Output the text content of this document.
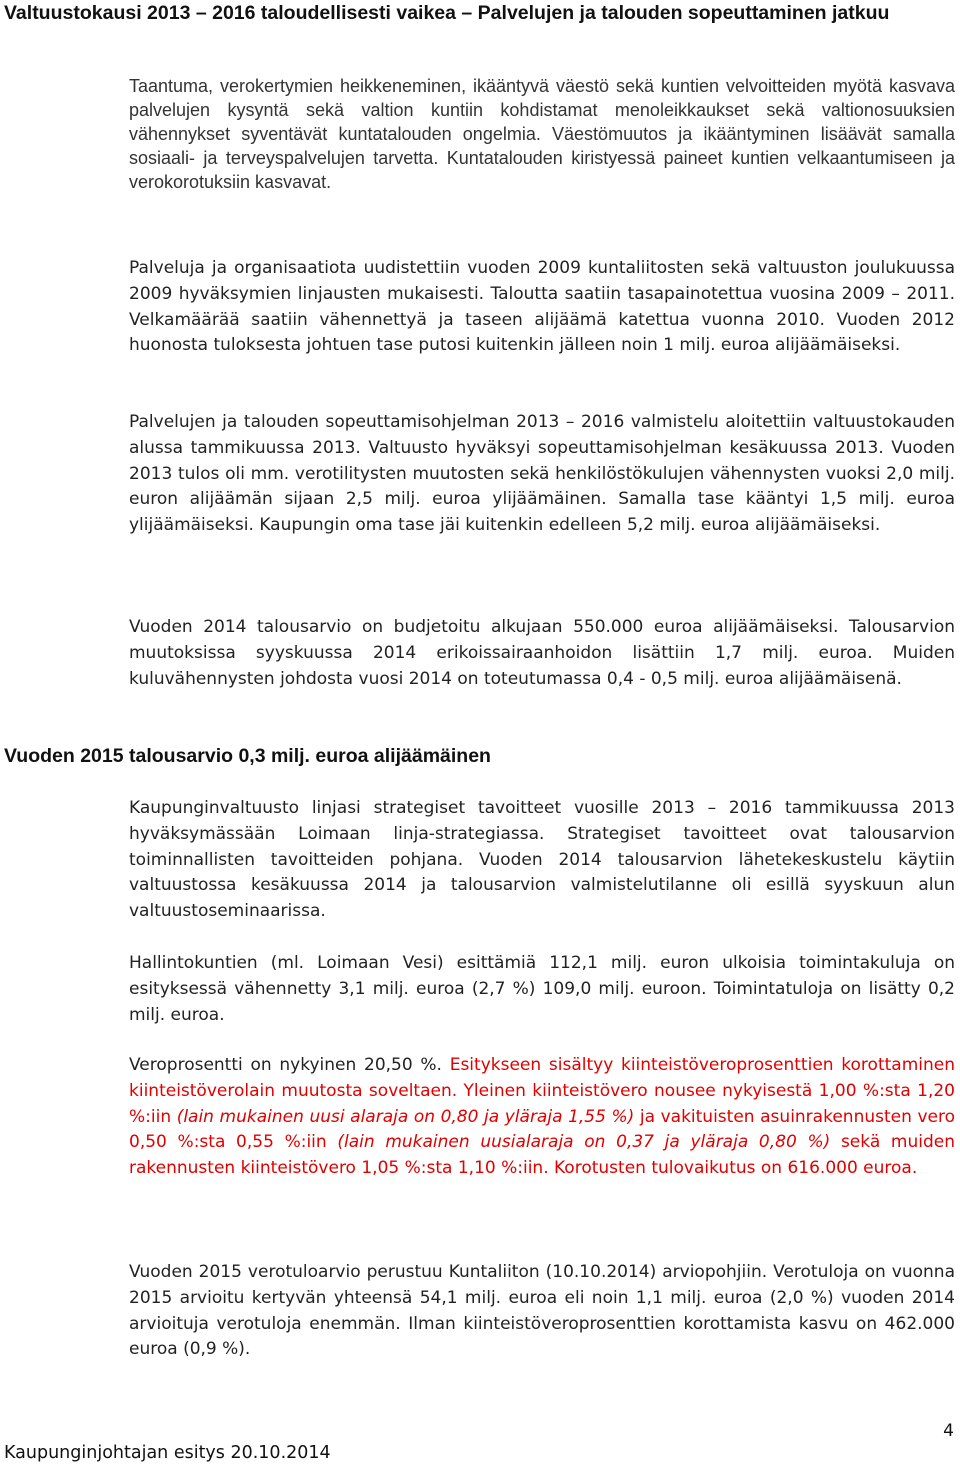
Valtuustokausi 2013 – 2016 taloudellisesti vaikea – Palvelujen ja talouden sopeuttaminen jatkuu

Taantuma, verokertymien heikkeneminen, ikääntyvä väestö sekä kuntien velvoitteiden myötä kasvava palvelujen kysyntä sekä valtion kuntiin kohdistamat menoleikkaukset sekä valtionosuuksien vähennykset syventävät kuntatalouden ongelmia. Väestömuutos ja ikääntyminen lisäävät samalla sosiaali- ja terveyspalvelujen tarvetta. Kuntatalouden kiristyessä paineet kuntien velkaantumiseen ja verokorotuksiin kasvavat.

Palveluja ja organisaatiota uudistettiin vuoden 2009 kuntaliitosten sekä valtuuston joulukuussa 2009 hyväksymien linjausten mukaisesti. Taloutta saatiin tasapainotettua vuosina 2009 – 2011. Velkamäärää saatiin vähennettyä ja taseen alijäämä katettua vuonna 2010. Vuoden 2012 huonosta tuloksesta johtuen tase putosi kuitenkin jälleen noin 1 milj. euroa alijäämäiseksi.

Palvelujen ja talouden sopeuttamisohjelman 2013 – 2016 valmistelu aloitettiin valtuustokauden alussa tammikuussa 2013. Valtuusto hyväksyi sopeuttamisohjelman kesäkuussa 2013. Vuoden 2013 tulos oli mm. verotilitysten muutosten sekä henkilöstökulujen vähennysten vuoksi 2,0 milj. euron alijäämän sijaan 2,5 milj. euroa ylijäämäinen. Samalla tase kääntyi 1,5 milj. euroa ylijäämäiseksi. Kaupungin oma tase jäi kuitenkin edelleen 5,2 milj. euroa alijäämäiseksi.

Vuoden 2014 talousarvio on budjetoitu alkujaan 550.000 euroa alijäämäiseksi. Talousarvion muutoksissa syyskuussa 2014 erikoissairaanhoidon lisättiin 1,7 milj. euroa. Muiden kuluvähennysten johdosta vuosi 2014 on toteutumassa 0,4 - 0,5 milj. euroa alijäämäisenä.

Vuoden 2015 talousarvio 0,3 milj. euroa alijäämäinen

Kaupunginvaltuusto linjasi strategiset tavoitteet vuosille 2013 – 2016 tammikuussa 2013 hyväksymässään Loimaan linja-strategiassa. Strategiset tavoitteet ovat talousarvion toiminnallisten tavoitteiden pohjana. Vuoden 2014 talousarvion lähetekeskustelu käytiin valtuustossa kesäkuussa 2014 ja talousarvion valmistelutilanne oli esillä syyskuun alun valtuustoseminaarissa.

Hallintokuntien (ml. Loimaan Vesi) esittämiä 112,1 milj. euron ulkoisia toimintakuluja on esityksessä vähennetty 3,1 milj. euroa (2,7 %) 109,0 milj. euroon. Toimintatuloja on lisätty 0,2 milj. euroa.

Veroprosentti on nykyinen 20,50 %. Esitykseen sisältyy kiinteistöveroprosenttien korottaminen kiinteistöverolain muutosta soveltaen. Yleinen kiinteistövero nousee nykyisestä 1,00 %:sta 1,20 %:iin (lain mukainen uusi alaraja on 0,80 ja yläraja 1,55 %) ja vakituisten asuinrakennusten vero 0,50 %:sta 0,55 %:iin (lain mukainen uusialaraja on 0,37 ja yläraja 0,80 %) sekä muiden rakennusten kiinteistövero 1,05 %:sta 1,10 %:iin. Korotusten tulovaikutus on 616.000 euroa.

Vuoden 2015 verotuloarvio perustuu Kuntaliiton (10.10.2014) arviopohjiin. Verotuloja on vuonna 2015 arvioitu kertyvän yhteensä 54,1 milj. euroa eli noin 1,1 milj. euroa (2,0 %) vuoden 2014 arvioituja verotuloja enemmän. Ilman kiinteistöveroprosenttien korottamista kasvu on 462.000 euroa (0,9 %).

4
Kaupunginjohtajan esitys 20.10.2014
